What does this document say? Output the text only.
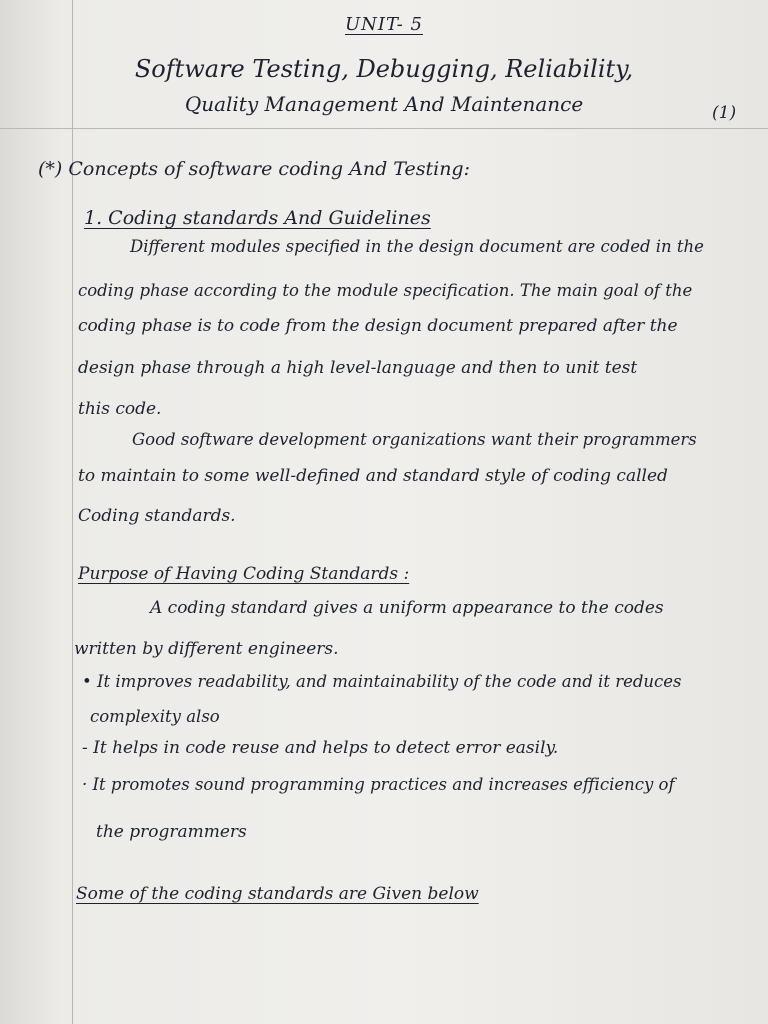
UNIT- 5
Software Testing, Debugging, Reliability,
Quality Management And Maintenance	(1)
(*) Concepts of software coding And Testing:
1. Coding standards And Guidelines
Different modules specified in the design document are coded in the
coding phase according to the module specification. The main goal of the
coding phase is to code from the design document prepared after the
design phase through a high level-language and then to unit test
this code.
Good software development organizations want their programmers
to maintain to some well-defined and standard style of coding called
Coding standards.
Purpose of Having Coding Standards :
A coding standard gives a uniform appearance to the codes
written by different engineers.
• It improves readability, and maintainability of the code and it reduces
complexity also
- It helps in code reuse and helps to detect error easily.
· It promotes sound programming practices and increases efficiency of
the programmers
Some of the coding standards are Given below
